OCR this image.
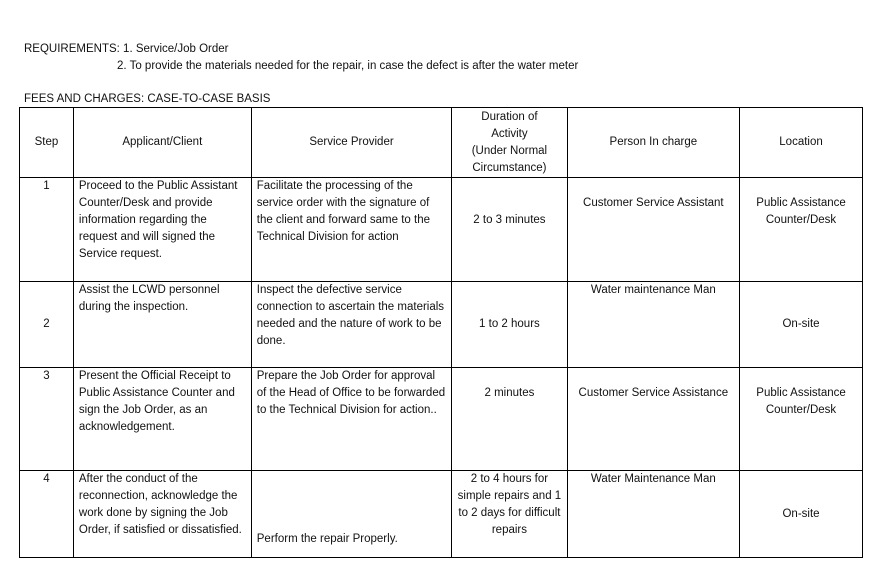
REQUIREMENTS: 1. Service/Job Order
2. To provide the materials needed for the repair, in case the defect is after the water meter
FEES AND CHARGES: CASE-TO-CASE BASIS
Step	Applicant/Client	Service Provider	Duration of
Activity
(Under Normal
Circumstance)	Person In charge	Location
1	Proceed to the Public Assistant Counter/Desk and provide information regarding the request and will signed the Service request.	Facilitate the processing of the service order with the signature of the client and forward same to the Technical Division for action	2 to 3 minutes	Customer Service Assistant	Public Assistance Counter/Desk

2	Assist the LCWD personnel during the inspection.	Inspect the defective service connection to ascertain the materials needed and the nature of work to be done.	1 to 2 hours	Water maintenance Man	On-site
3	Present the Official Receipt to Public Assistance Counter and sign the Job Order, as an acknowledgement.	Prepare the Job Order for approval of the Head of Office to be forwarded to the Technical Division for action..	2 minutes	Customer Service Assistance	Public Assistance Counter/Desk

4	After the conduct of the reconnection, acknowledge the work done by signing the Job Order, if satisfied or dissatisfied.	Perform the repair Properly.	2 to 4 hours for simple repairs and 1 to 2 days for difficult repairs	Water Maintenance Man	On-site
